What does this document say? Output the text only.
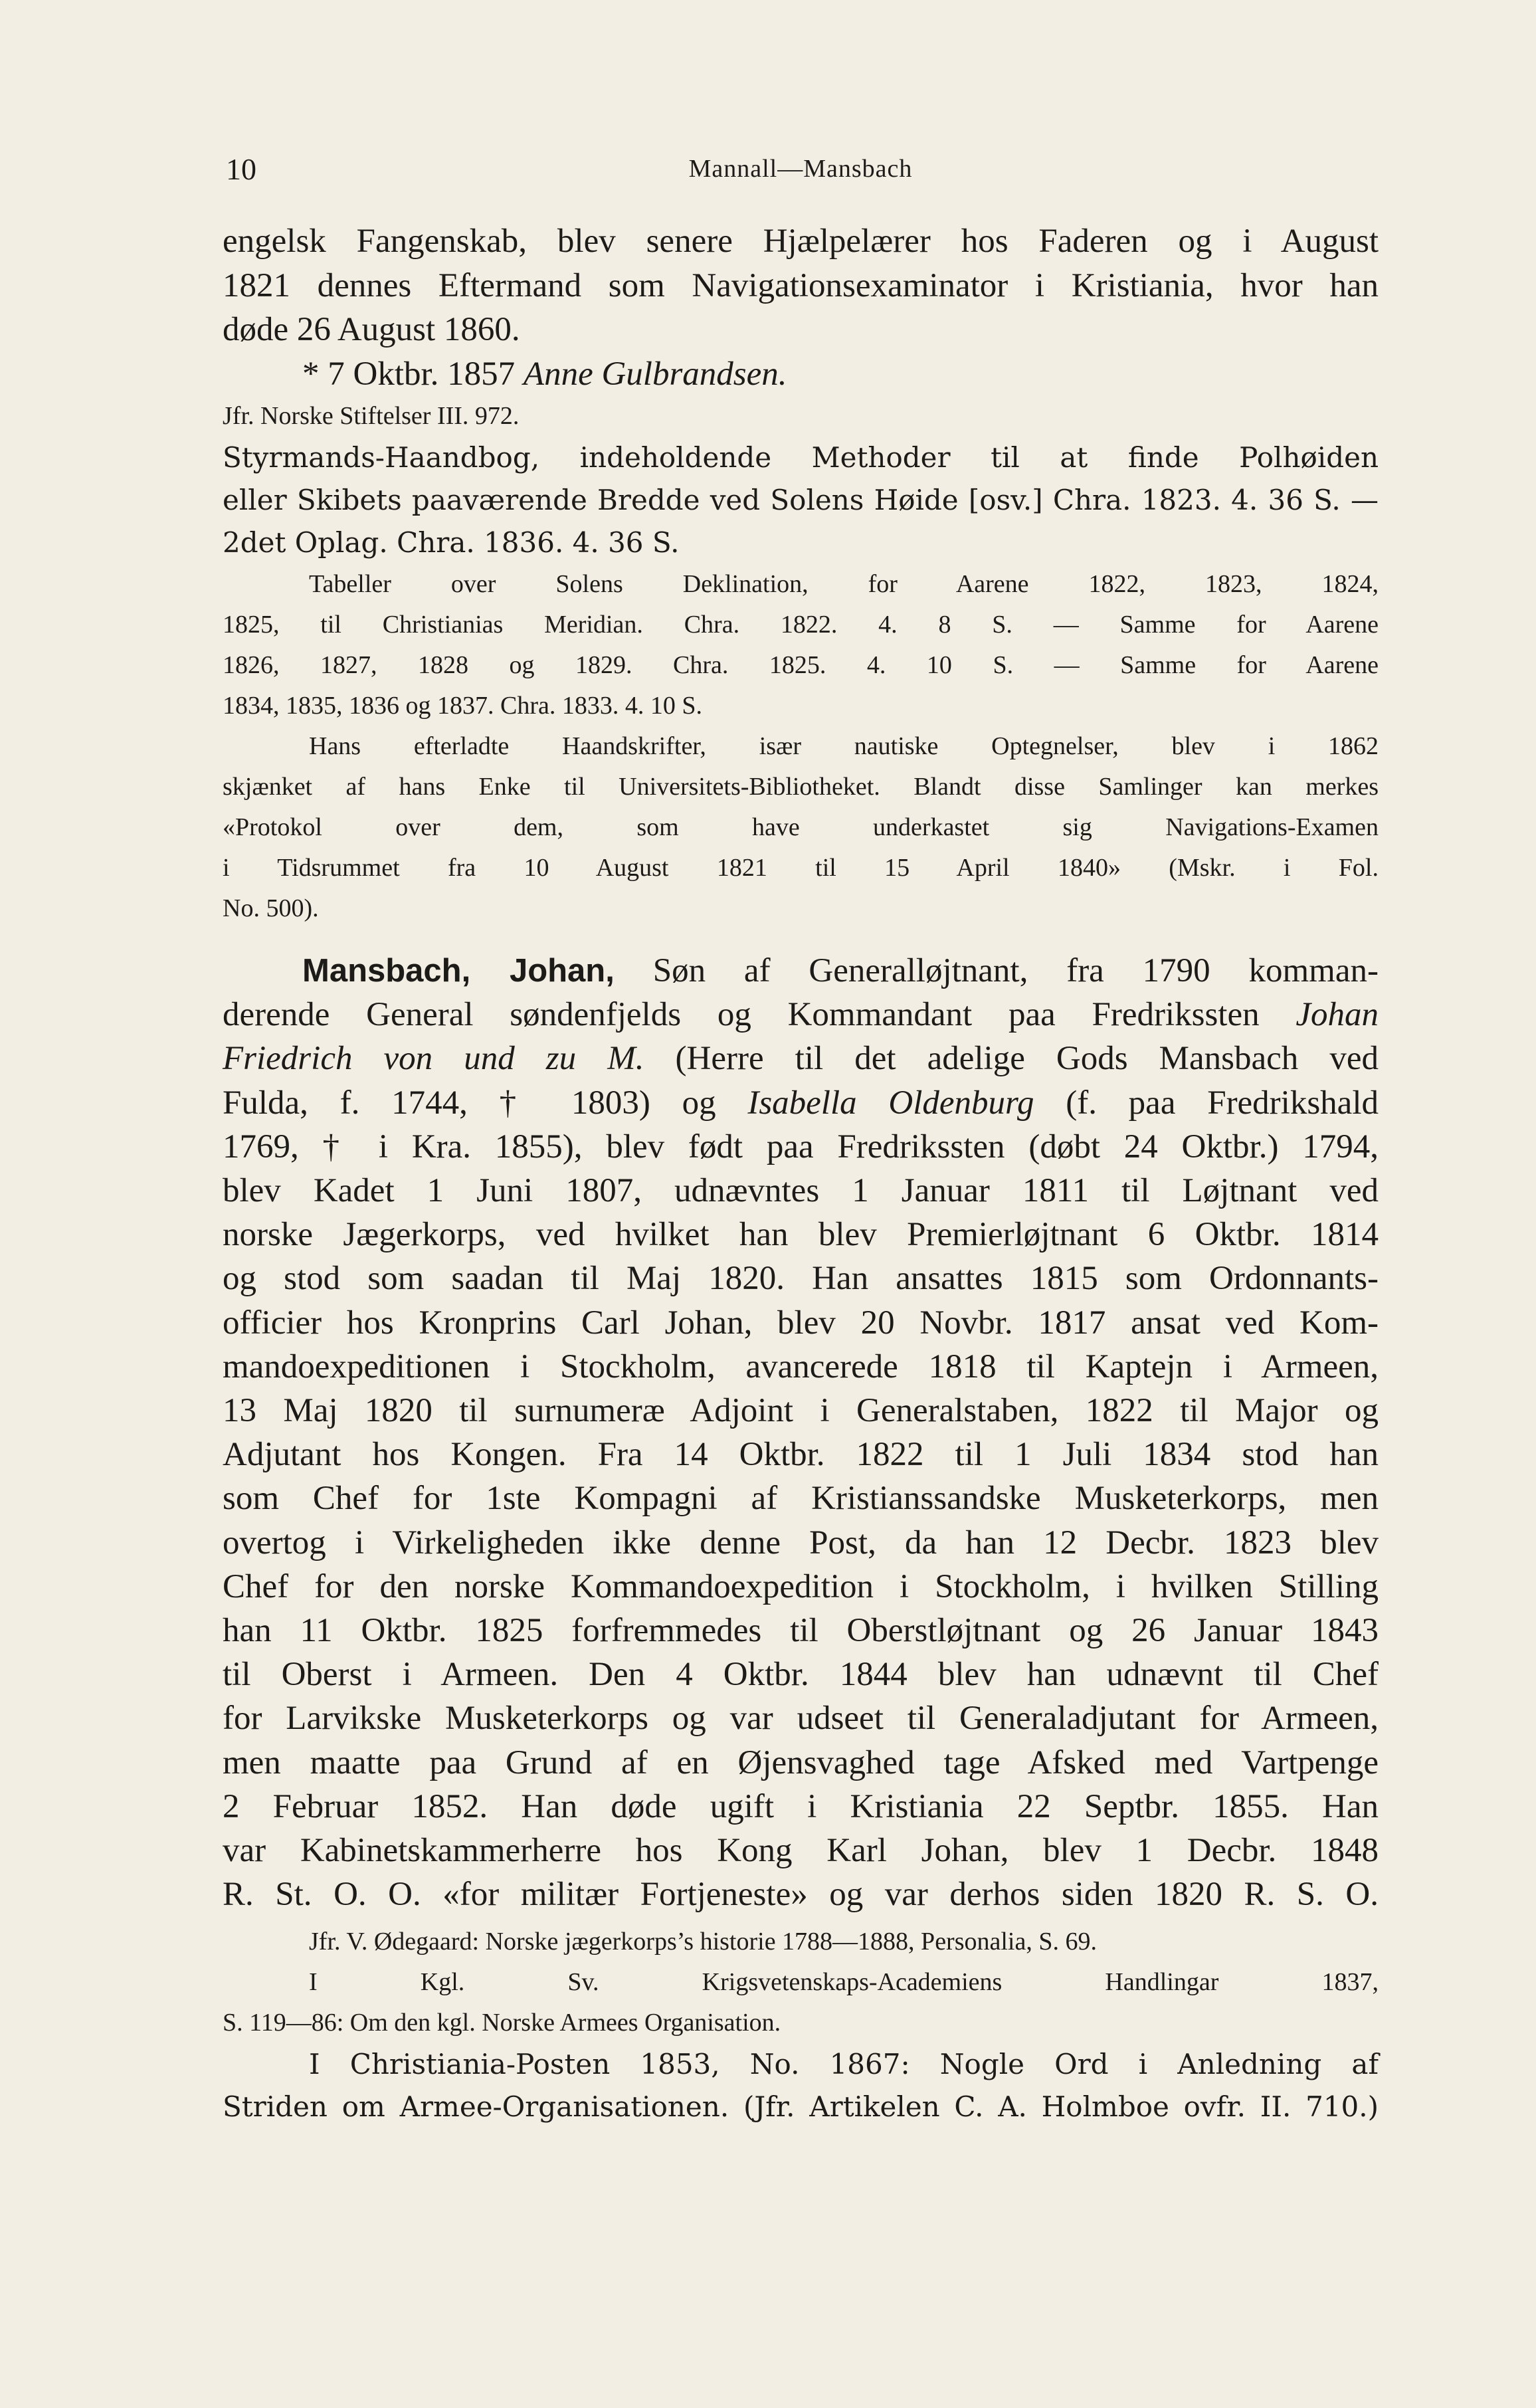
10	Mannall—Mansbach
engelsk Fangenskab, blev senere Hjælpelærer hos Faderen og i August
1821 dennes Eftermand som Navigationsexaminator i Kristiania, hvor han
døde 26 August 1860.
* 7 Oktbr. 1857 Anne Gulbrandsen.
Jfr. Norske Stiftelser III. 972.
Styrmands-Haandbog, indeholdende Methoder til at finde Polhøiden
eller Skibets paaværende Bredde ved Solens Høide [osv.] Chra. 1823. 4. 36 S. —
2det Oplag. Chra. 1836. 4. 36 S.
Tabeller over Solens Deklination, for Aarene 1822, 1823, 1824,
1825, til Christianias Meridian. Chra. 1822. 4. 8 S. — Samme for Aarene
1826, 1827, 1828 og 1829. Chra. 1825. 4. 10 S. — Samme for Aarene
1834, 1835, 1836 og 1837. Chra. 1833. 4. 10 S.
Hans efterladte Haandskrifter, især nautiske Optegnelser, blev i 1862
skjænket af hans Enke til Universitets-Bibliotheket. Blandt disse Samlinger kan merkes
«Protokol over dem, som have underkastet sig Navigations-Examen
i Tidsrummet fra 10 August 1821 til 15 April 1840» (Mskr. i Fol.
No. 500).
Mansbach, Johan, Søn af Generalløjtnant, fra 1790 komman-
derende General søndenfjelds og Kommandant paa Fredrikssten Johan
Friedrich von und zu M. (Herre til det adelige Gods Mansbach ved
Fulda, f. 1744, † 1803) og Isabella Oldenburg (f. paa Fredrikshald
1769, † i Kra. 1855), blev født paa Fredrikssten (døbt 24 Oktbr.) 1794,
blev Kadet 1 Juni 1807, udnævntes 1 Januar 1811 til Løjtnant ved
norske Jægerkorps, ved hvilket han blev Premierløjtnant 6 Oktbr. 1814
og stod som saadan til Maj 1820. Han ansattes 1815 som Ordonnants-
officier hos Kronprins Carl Johan, blev 20 Novbr. 1817 ansat ved Kom-
mandoexpeditionen i Stockholm, avancerede 1818 til Kaptejn i Armeen,
13 Maj 1820 til surnumeræ Adjoint i Generalstaben, 1822 til Major og
Adjutant hos Kongen. Fra 14 Oktbr. 1822 til 1 Juli 1834 stod han
som Chef for 1ste Kompagni af Kristianssandske Musketerkorps, men
overtog i Virkeligheden ikke denne Post, da han 12 Decbr. 1823 blev
Chef for den norske Kommandoexpedition i Stockholm, i hvilken Stilling
han 11 Oktbr. 1825 forfremmedes til Oberstløjtnant og 26 Januar 1843
til Oberst i Armeen. Den 4 Oktbr. 1844 blev han udnævnt til Chef
for Larvikske Musketerkorps og var udseet til Generaladjutant for Armeen,
men maatte paa Grund af en Øjensvaghed tage Afsked med Vartpenge
2 Februar 1852. Han døde ugift i Kristiania 22 Septbr. 1855. Han
var Kabinetskammerherre hos Kong Karl Johan, blev 1 Decbr. 1848
R. St. O. O. «for militær Fortjeneste» og var derhos siden 1820 R. S. O.
Jfr. V. Ødegaard: Norske jægerkorps’s historie 1788—1888, Personalia, S. 69.
I Kgl. Sv. Krigsvetenskaps-Academiens Handlingar 1837,
S. 119—86: Om den kgl. Norske Armees Organisation.
I Christiania-Posten 1853, No. 1867: Nogle Ord i Anledning af
Striden om Armee-Organisationen. (Jfr. Artikelen C. A. Holmboe ovfr. II. 710.)
